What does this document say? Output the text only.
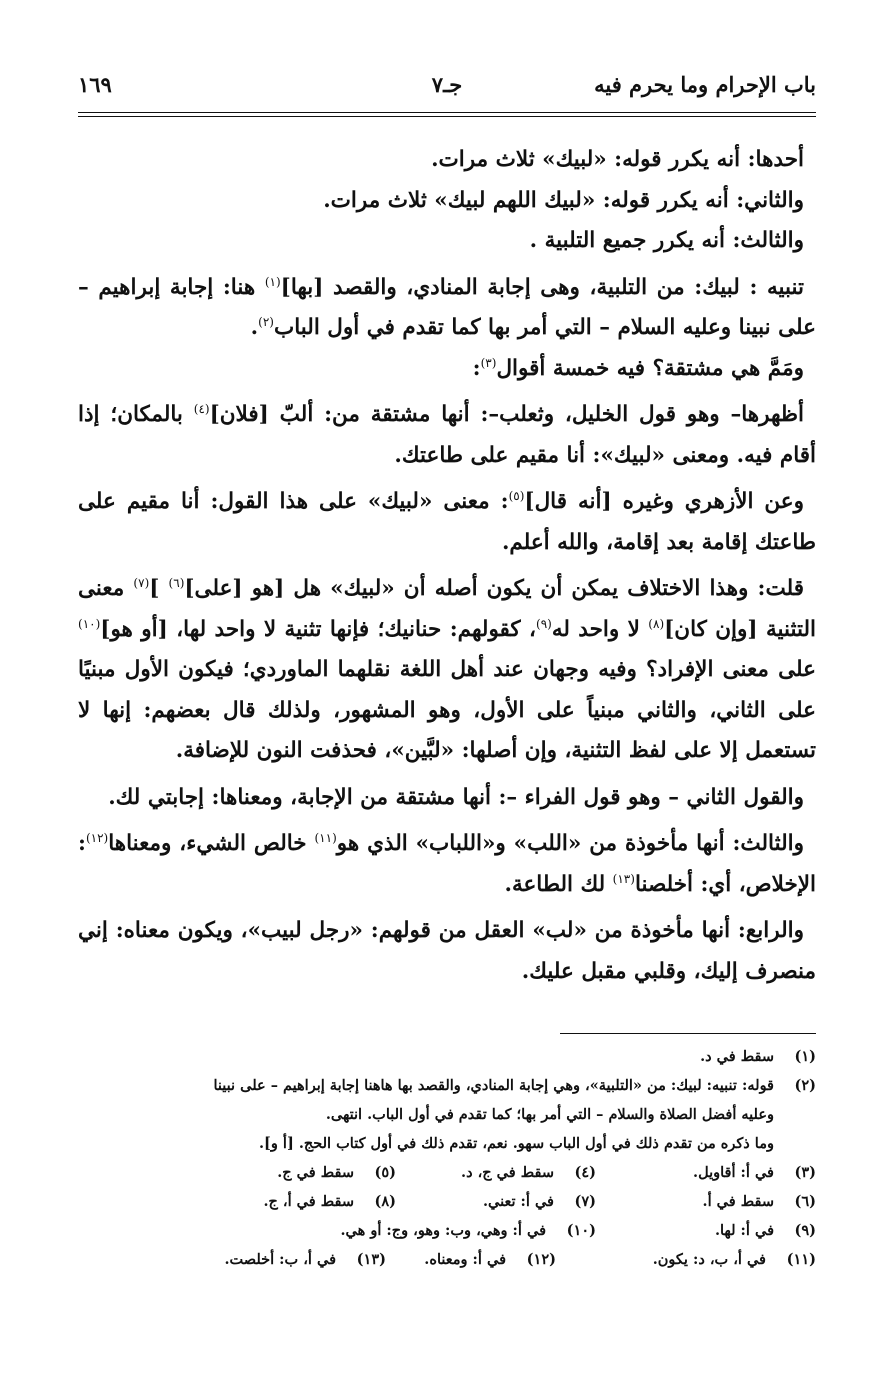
باب الإحرام وما يحرم فيه
جـ٧
١٦٩

أحدها: أنه يكرر قوله: «لبيك» ثلاث مرات.

والثاني: أنه يكرر قوله: «لبيك اللهم لبيك» ثلاث مرات.

والثالث: أنه يكرر جميع التلبية .

تنبيه : لبيك: من التلبية، وهى إجابة المنادي، والقصد [بها]$^{(١)}$ هنا: إجابة إبراهيم – على نبينا وعليه السلام – التي أمر بها كما تقدم في أول الباب$^{(٢)}$.

ومَمَّ هي مشتقة؟ فيه خمسة أقوال$^{(٣)}$:

أظهرها– وهو قول الخليل، وثعلب–: أنها مشتقة من: ألبّ [فلان]$^{(٤)}$ بالمكان؛ إذا أقام فيه. ومعنى «لبيك»: أنا مقيم على طاعتك.

وعن الأزهري وغيره [أنه قال]$^{(٥)}$: معنى «لبيك» على هذا القول: أنا مقيم على طاعتك إقامة بعد إقامة، والله أعلم.

قلت: وهذا الاختلاف يمكن أن يكون أصله أن «لبيك» هل [هو [على]$^{(٦)}$ ]$^{(٧)}$ معنى التثنية [وإن كان]$^{(٨)}$ لا واحد له$^{(٩)}$، كقولهم: حنانيك؛ فإنها تثنية لا واحد لها، [أو هو]$^{(١٠)}$ على معنى الإفراد؟ وفيه وجهان عند أهل اللغة نقلهما الماوردي؛ فيكون الأول مبنيًا على الثاني، والثاني مبنياً على الأول، وهو المشهور، ولذلك قال بعضهم: إنها لا تستعمل إلا على لفظ التثنية، وإن أصلها: «لبَّين»، فحذفت النون للإضافة.

والقول الثاني – وهو قول الفراء –: أنها مشتقة من الإجابة، ومعناها: إجابتي لك.

والثالث: أنها مأخوذة من «اللب» و«اللباب» الذي هو$^{(١١)}$ خالص الشيء، ومعناها$^{(١٢)}$: الإخلاص، أي: أخلصنا$^{(١٣)}$ لك الطاعة.

والرابع: أنها مأخوذة من «لب» العقل من قولهم: «رجل لبيب»، ويكون معناه: إني منصرف إليك، وقلبي مقبل عليك.

(١)سقط في د.
(٢)قوله: تنبيه: لبيك: من «التلبية»، وهي إجابة المنادي، والقصد بها هاهنا إجابة إبراهيم – على نبينا
وعليه أفضل الصلاة والسلام – التي أمر بها؛ كما تقدم في أول الباب. انتهى.
وما ذكره من تقدم ذلك في أول الباب سهو. نعم، تقدم ذلك في أول كتاب الحج. [أ و].
(٣)في أ: أقاويل.
(٤)سقط في ج، د.
(٥)سقط في ج.
(٦)سقط في أ.
(٧)في أ: تعني.
(٨)سقط في أ، ج.
(٩)في أ: لها.
(١٠)في أ: وهي، وب: وهو، وج: أو هي.
(١١)في أ، ب، د: يكون.
(١٢)في أ: ومعناه.
(١٣)في أ، ب: أخلصت.
